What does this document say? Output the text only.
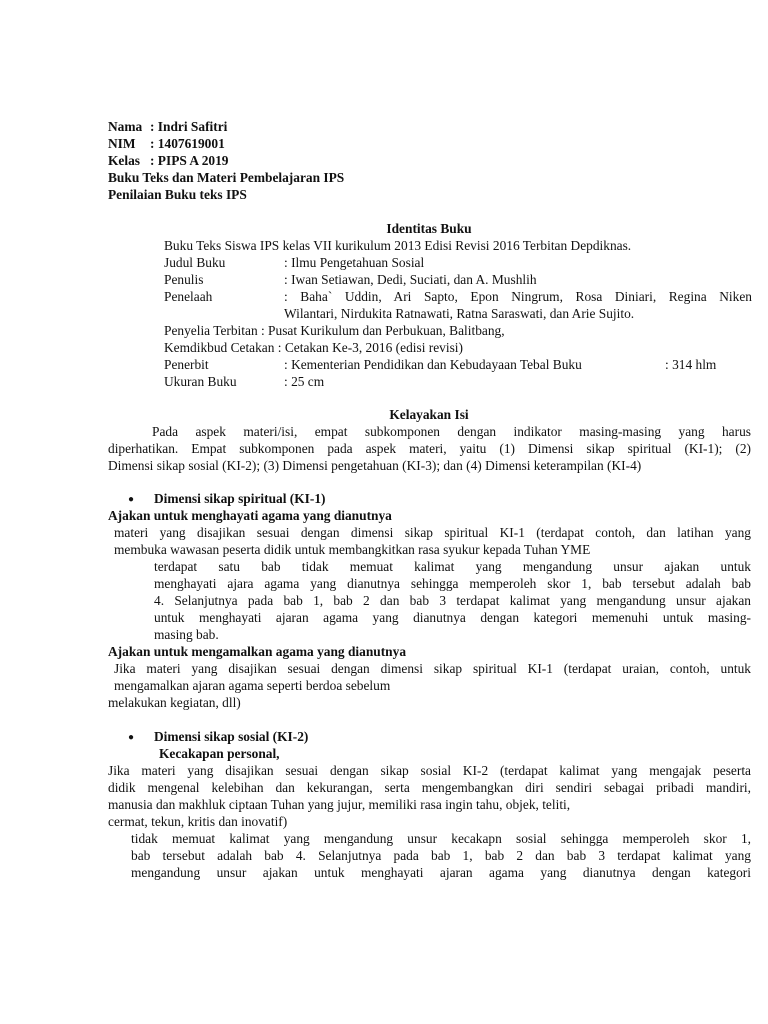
Nama : Indri Safitri
NIM : 1407619001
Kelas : PIPS A 2019
Buku Teks dan Materi Pembelajaran IPS
Penilaian Buku teks IPS
Identitas Buku
Buku Teks Siswa IPS kelas VII kurikulum 2013 Edisi Revisi 2016 Terbitan Depdiknas.
Judul Buku	: Ilmu Pengetahuan Sosial
Penulis	: Iwan Setiawan, Dedi, Suciati, dan A. Mushlih
Penelaah	: Baha` Uddin, Ari Sapto, Epon Ningrum, Rosa Diniari, Regina Niken
Wilantari, Nirdukita Ratnawati, Ratna Saraswati, dan Arie Sujito.
Penyelia Terbitan : Pusat Kurikulum dan Perbukuan, Balitbang,
Kemdikbud Cetakan : Cetakan Ke-3, 2016 (edisi revisi)
Penerbit	: Kementerian Pendidikan dan Kebudayaan Tebal Buku	: 314 hlm
Ukuran Buku	: 25 cm
Kelayakan Isi
Pada aspek materi/isi, empat subkomponen dengan indikator masing-masing yang harus
diperhatikan. Empat subkomponen pada aspek materi, yaitu (1) Dimensi sikap spiritual (KI-1); (2)
Dimensi sikap sosial (KI-2); (3) Dimensi pengetahuan (KI-3); dan (4) Dimensi keterampilan (KI-4)
● Dimensi sikap spiritual (KI-1)
Ajakan untuk menghayati agama yang dianutnya
materi yang disajikan sesuai dengan dimensi sikap spiritual KI-1 (terdapat contoh, dan latihan yang
membuka wawasan peserta didik untuk membangkitkan rasa syukur kepada Tuhan YME
terdapat satu bab tidak memuat kalimat yang mengandung unsur ajakan untuk
menghayati ajara agama yang dianutnya sehingga memperoleh skor 1, bab tersebut adalah bab
4. Selanjutnya pada bab 1, bab 2 dan bab 3 terdapat kalimat yang mengandung unsur ajakan
untuk menghayati ajaran agama yang dianutnya dengan kategori memenuhi untuk masing-
masing bab.
Ajakan untuk mengamalkan agama yang dianutnya
Jika materi yang disajikan sesuai dengan dimensi sikap spiritual KI-1 (terdapat uraian, contoh, untuk
mengamalkan ajaran agama seperti berdoa sebelum
melakukan kegiatan, dll)
● Dimensi sikap sosial (KI-2)
Kecakapan personal,
Jika materi yang disajikan sesuai dengan sikap sosial KI-2 (terdapat kalimat yang mengajak peserta
didik mengenal kelebihan dan kekurangan, serta mengembangkan diri sendiri sebagai pribadi mandiri,
manusia dan makhluk ciptaan Tuhan yang jujur, memiliki rasa ingin tahu, objek, teliti,
cermat, tekun, kritis dan inovatif)
tidak memuat kalimat yang mengandung unsur kecakapn sosial sehingga memperoleh skor 1,
bab tersebut adalah bab 4. Selanjutnya pada bab 1, bab 2 dan bab 3 terdapat kalimat yang
mengandung unsur ajakan untuk menghayati ajaran agama yang dianutnya dengan kategori
